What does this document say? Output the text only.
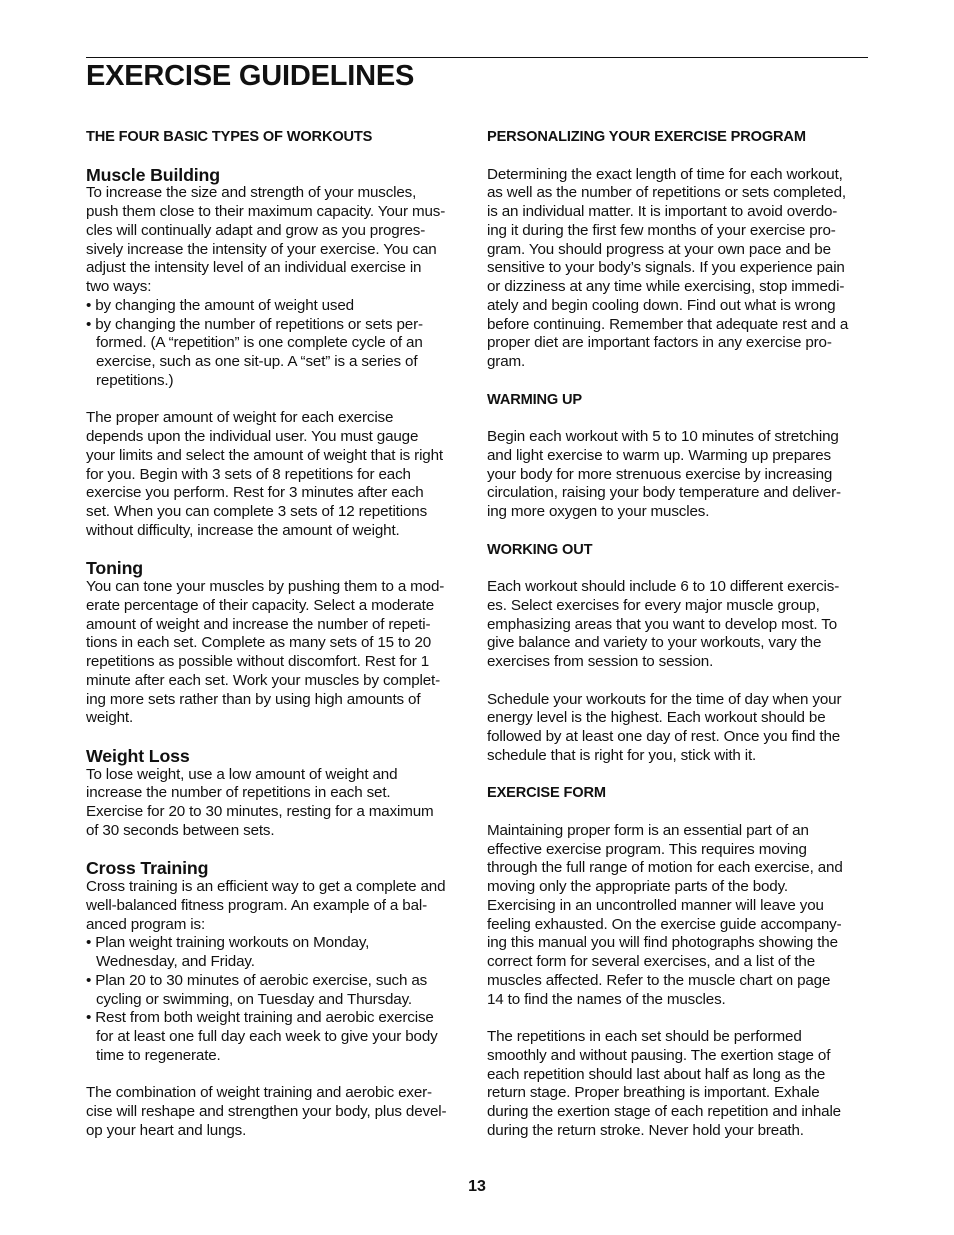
EXERCISE GUIDELINES
THE FOUR BASIC TYPES OF WORKOUTS
Muscle Building
To increase the size and strength of your muscles,
push them close to their maximum capacity. Your mus-
cles will continually adapt and grow as you progres-
sively increase the intensity of your exercise. You can
adjust the intensity level of an individual exercise in
two ways:
• by changing the amount of weight used
• by changing the number of repetitions or sets per-
formed. (A “repetition” is one complete cycle of an
exercise, such as one sit-up. A “set” is a series of
repetitions.)
The proper amount of weight for each exercise
depends upon the individual user. You must gauge
your limits and select the amount of weight that is right
for you. Begin with 3 sets of 8 repetitions for each
exercise you perform. Rest for 3 minutes after each
set. When you can complete 3 sets of 12 repetitions
without difficulty, increase the amount of weight.
Toning
You can tone your muscles by pushing them to a mod-
erate percentage of their capacity. Select a moderate
amount of weight and increase the number of repeti-
tions in each set. Complete as many sets of 15 to 20
repetitions as possible without discomfort. Rest for 1
minute after each set. Work your muscles by complet-
ing more sets rather than by using high amounts of
weight.
Weight Loss
To lose weight, use a low amount of weight and
increase the number of repetitions in each set.
Exercise for 20 to 30 minutes, resting for a maximum
of 30 seconds between sets.
Cross Training
Cross training is an efficient way to get a complete and
well-balanced fitness program. An example of a bal-
anced program is:
• Plan weight training workouts on Monday,
Wednesday, and Friday.
• Plan 20 to 30 minutes of aerobic exercise, such as
cycling or swimming, on Tuesday and Thursday.
• Rest from both weight training and aerobic exercise
for at least one full day each week to give your body
time to regenerate.
The combination of weight training and aerobic exer-
cise will reshape and strengthen your body, plus devel-
op your heart and lungs.
PERSONALIZING YOUR EXERCISE PROGRAM
Determining the exact length of time for each workout,
as well as the number of repetitions or sets completed,
is an individual matter. It is important to avoid overdo-
ing it during the first few months of your exercise pro-
gram. You should progress at your own pace and be
sensitive to your body’s signals. If you experience pain
or dizziness at any time while exercising, stop immedi-
ately and begin cooling down. Find out what is wrong
before continuing. Remember that adequate rest and a
proper diet are important factors in any exercise pro-
gram.
WARMING UP
Begin each workout with 5 to 10 minutes of stretching
and light exercise to warm up. Warming up prepares
your body for more strenuous exercise by increasing
circulation, raising your body temperature and deliver-
ing more oxygen to your muscles.
WORKING OUT
Each workout should include 6 to 10 different exercis-
es. Select exercises for every major muscle group,
emphasizing areas that you want to develop most. To
give balance and variety to your workouts, vary the
exercises from session to session.
Schedule your workouts for the time of day when your
energy level is the highest. Each workout should be
followed by at least one day of rest. Once you find the
schedule that is right for you, stick with it.
EXERCISE FORM
Maintaining proper form is an essential part of an
effective exercise program. This requires moving
through the full range of motion for each exercise, and
moving only the appropriate parts of the body.
Exercising in an uncontrolled manner will leave you
feeling exhausted. On the exercise guide accompany-
ing this manual you will find photographs showing the
correct form for several exercises, and a list of the
muscles affected. Refer to the muscle chart on page
14 to find the names of the muscles.
The repetitions in each set should be performed
smoothly and without pausing. The exertion stage of
each repetition should last about half as long as the
return stage. Proper breathing is important. Exhale
during the exertion stage of each repetition and inhale
during the return stroke. Never hold your breath.
13
